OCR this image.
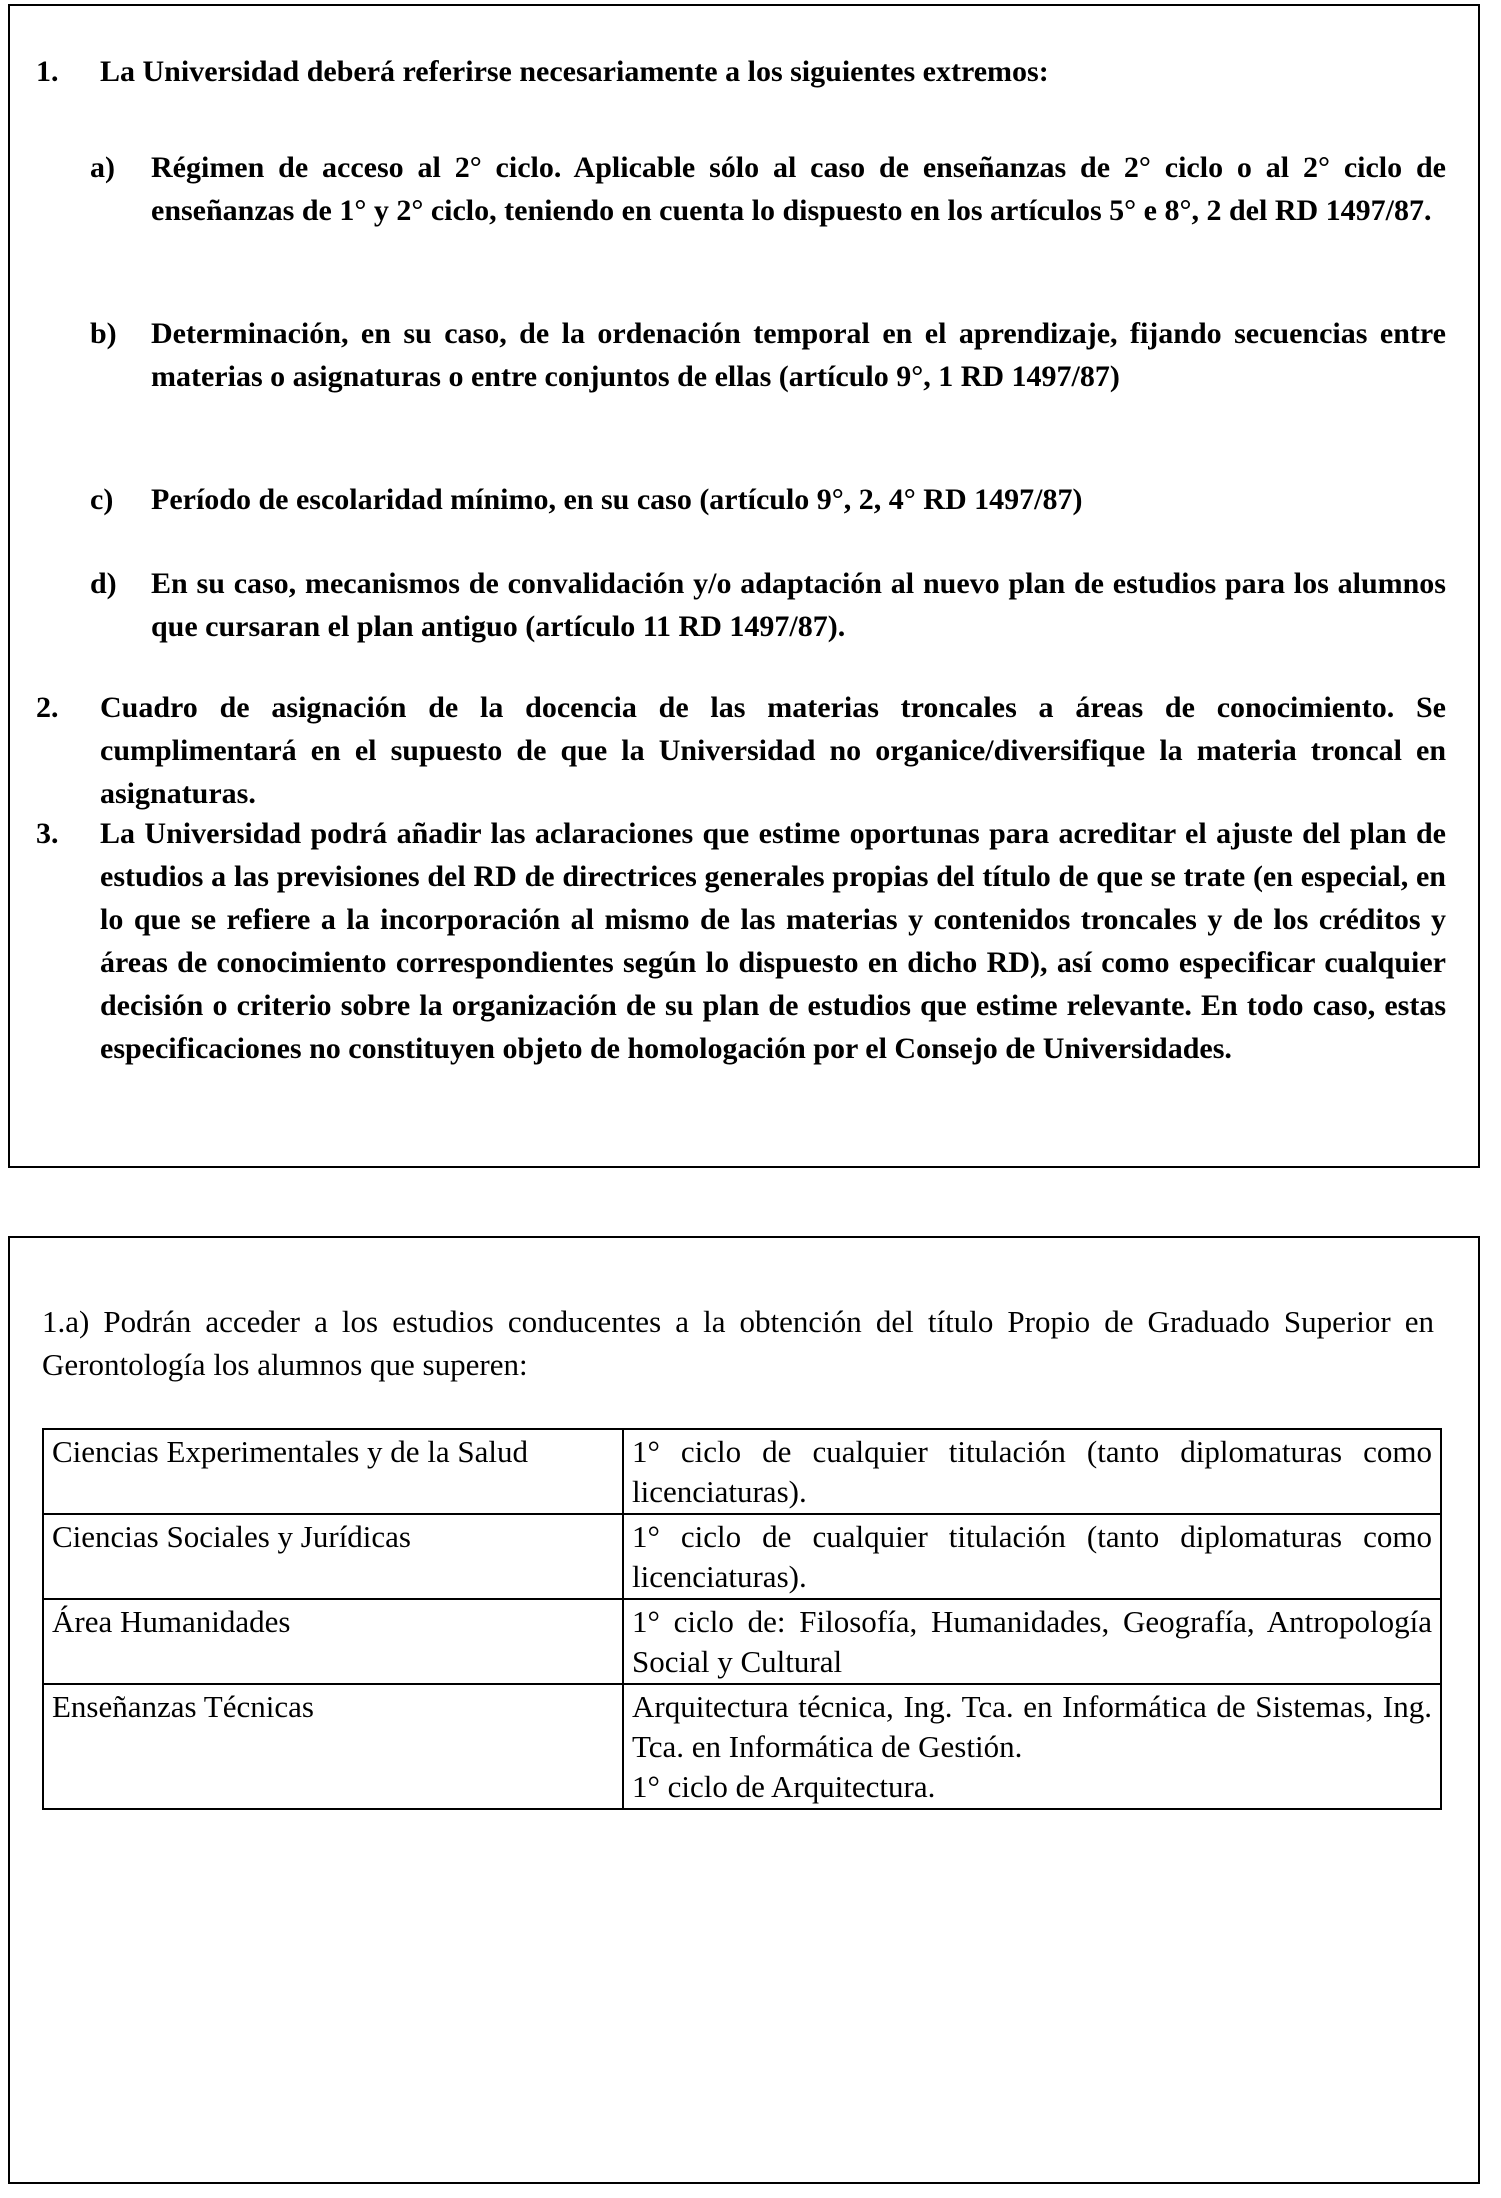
1.	La Universidad deberá referirse necesariamente a los siguientes extremos:
a)	Régimen de acceso al 2° ciclo. Aplicable sólo al caso de enseñanzas de 2° ciclo o al 2° ciclo de enseñanzas de 1° y 2° ciclo, teniendo en cuenta lo dispuesto en los artículos 5° e 8°, 2 del RD 1497/87.
b)	Determinación, en su caso, de la ordenación temporal en el aprendizaje, fijando secuencias entre materias o asignaturas o entre conjuntos de ellas (artículo 9°, 1 RD 1497/87)
c)	Período de escolaridad mínimo, en su caso (artículo 9°, 2, 4° RD 1497/87)
d)	En su caso, mecanismos de convalidación y/o adaptación al nuevo plan de estudios para los alumnos que cursaran el plan antiguo (artículo 11 RD 1497/87).
2.	Cuadro de asignación de la docencia de las materias troncales a áreas de conocimiento. Se cumplimentará en el supuesto de que la Universidad no organice/diversifique la materia troncal en asignaturas.
3.	La Universidad podrá añadir las aclaraciones que estime oportunas para acreditar el ajuste del plan de estudios a las previsiones del RD de directrices generales propias del título de que se trate (en especial, en lo que se refiere a la incorporación al mismo de las materias y contenidos troncales y de los créditos y áreas de conocimiento correspondientes según lo dispuesto en dicho RD), así como especificar cualquier decisión o criterio sobre la organización de su plan de estudios que estime relevante. En todo caso, estas especificaciones no constituyen objeto de homologación por el Consejo de Universidades.
1.a) Podrán acceder a los estudios conducentes a la obtención del título Propio de Graduado Superior en Gerontología los alumnos que superen:
Ciencias Experimentales y de la Salud	1° ciclo de cualquier titulación (tanto diplomaturas como licenciaturas).

Ciencias Sociales y Jurídicas	1° ciclo de cualquier titulación (tanto diplomaturas como licenciaturas).

Área Humanidades	1° ciclo de: Filosofía, Humanidades, Geografía, Antropología Social y Cultural

Enseñanzas Técnicas	Arquitectura técnica, Ing. Tca. en Informática de Sistemas, Ing. Tca. en Informática de Gestión.
1° ciclo de Arquitectura.
